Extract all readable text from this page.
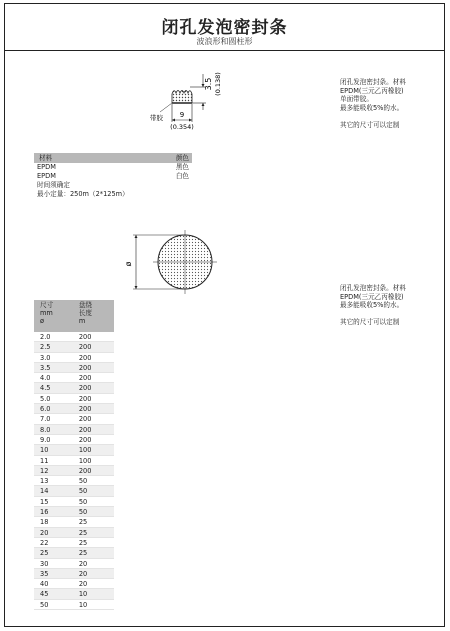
闭孔发泡密封条
波浪形和圆柱形
3.5 (0.138)
带胶 9
(0.354)

闭孔发泡密封条。材料

EPDM(三元乙丙橡胶)

单面带胶。

最多能吸收5%的水。

其它的尺寸可以定制

材料	颜色
EPDM	黑色
EPDM	白色
时间须确定
最小定量：250m（2*125m）
ø

闭孔发泡密封条。材料

EPDM(三元乙丙橡胶)

最多能吸收5%的水。

其它的尺寸可以定制

尺寸
mm
ø
盘绕
长度
m
2.0	200
2.5	200
3.0	200
3.5	200
4.0	200
4.5	200
5.0	200
6.0	200
7.0	200
8.0	200
9.0	200
10	100
11	100
12	200
13	50
14	50
15	50
16	50
18	25
20	25
22	25
25	25
30	20
35	20
40	20
45	10
50	10
